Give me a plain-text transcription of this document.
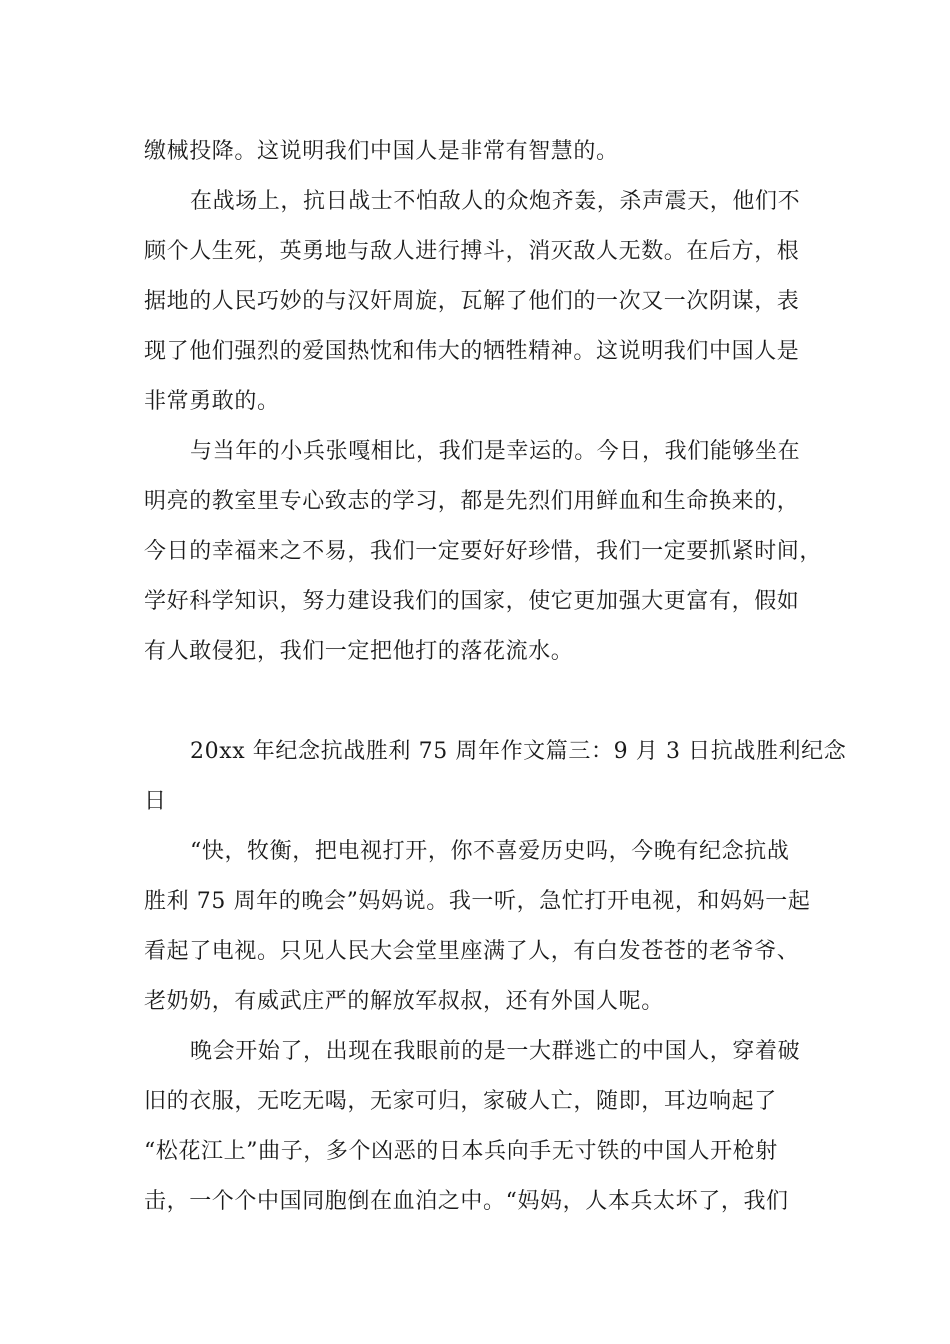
缴械投降。这说明我们中国人是非常有智慧的。
在战场上，抗日战士不怕敌人的众炮齐轰，杀声震天，他们不
顾个人生死，英勇地与敌人进行搏斗，消灭敌人无数。在后方，根
据地的人民巧妙的与汉奸周旋，瓦解了他们的一次又一次阴谋，表
现了他们强烈的爱国热忱和伟大的牺牲精神。这说明我们中国人是
非常勇敢的。
与当年的小兵张嘎相比，我们是幸运的。今日，我们能够坐在
明亮的教室里专心致志的学习，都是先烈们用鲜血和生命换来的，
今日的幸福来之不易，我们一定要好好珍惜，我们一定要抓紧时间，
学好科学知识，努力建设我们的国家，使它更加强大更富有，假如
有人敢侵犯，我们一定把他打的落花流水。
20xx 年纪念抗战胜利 75 周年作文篇三：9 月 3 日抗战胜利纪念
日
“快，牧衡，把电视打开，你不喜爱历史吗，今晚有纪念抗战
胜利 75 周年的晚会”妈妈说。我一听，急忙打开电视，和妈妈一起
看起了电视。只见人民大会堂里座满了人，有白发苍苍的老爷爷、
老奶奶，有威武庄严的解放军叔叔，还有外国人呢。
晚会开始了，出现在我眼前的是一大群逃亡的中国人，穿着破
旧的衣服，无吃无喝，无家可归，家破人亡，随即，耳边响起了
“松花江上”曲子，多个凶恶的日本兵向手无寸铁的中国人开枪射
击，一个个中国同胞倒在血泊之中。“妈妈，人本兵太坏了，我们
